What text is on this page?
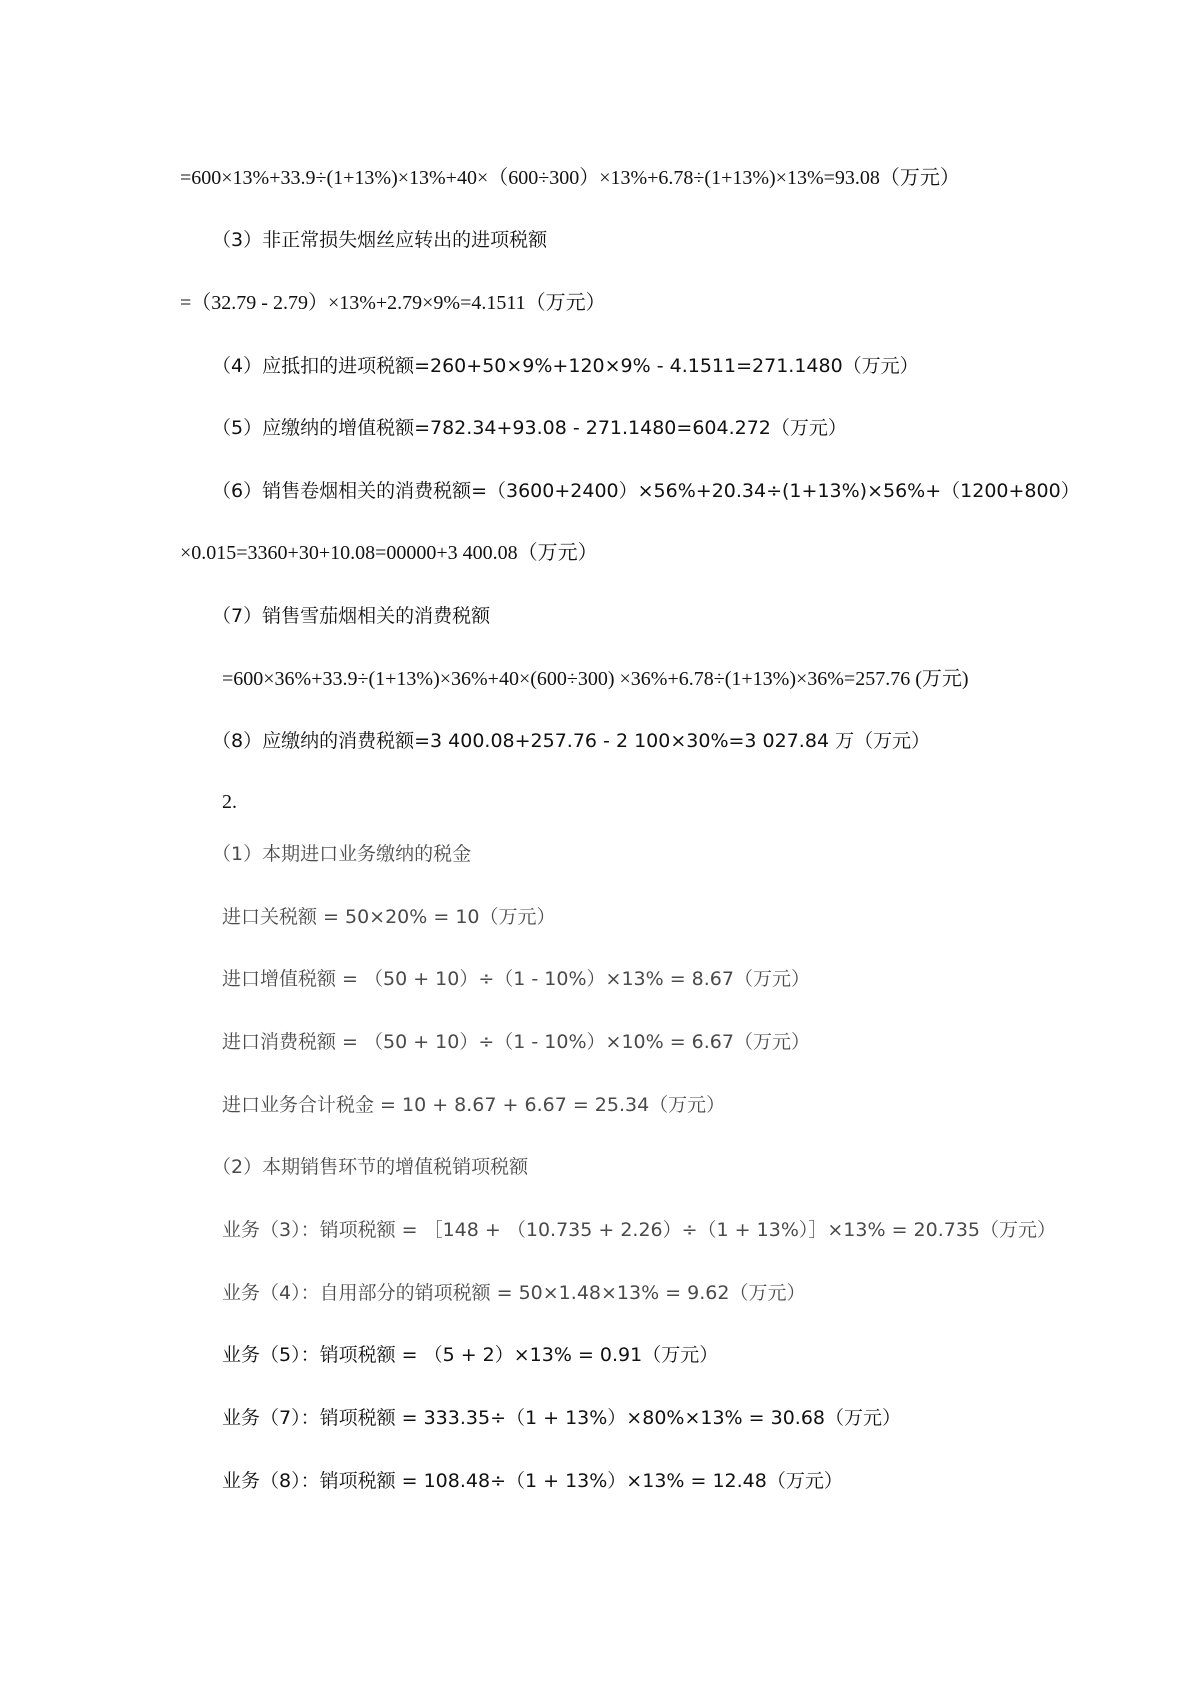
=600×13%+33.9÷(1+13%)×13%+40×（600÷300）×13%+6.78÷(1+13%)×13%=93.08（万元）
（3）非正常损失烟丝应转出的进项税额
=（32.79 - 2.79）×13%+2.79×9%=4.1511（万元）
（4）应抵扣的进项税额=260+50×9%+120×9% - 4.1511=271.1480（万元）
（5）应缴纳的增值税额=782.34+93.08 - 271.1480=604.272（万元）
（6）销售卷烟相关的消费税额=（3600+2400）×56%+20.34÷(1+13%)×56%+（1200+800）
×0.015=3360+30+10.08=00000+3 400.08（万元）
（7）销售雪茄烟相关的消费税额
=600×36%+33.9÷(1+13%)×36%+40×(600÷300) ×36%+6.78÷(1+13%)×36%=257.76 (万元)
（8）应缴纳的消费税额=3 400.08+257.76 - 2 100×30%=3 027.84 万（万元）
2.
（1）本期进口业务缴纳的税金
进口关税额 = 50×20% = 10（万元）
进口增值税额 = （50 + 10）÷（1 - 10%）×13% = 8.67（万元）
进口消费税额 = （50 + 10）÷（1 - 10%）×10% = 6.67（万元）
进口业务合计税金 = 10 + 8.67 + 6.67 = 25.34（万元）
（2）本期销售环节的增值税销项税额
业务（3）：销项税额 = ［148 + （10.735 + 2.26）÷（1 + 13%）］×13% = 20.735（万元）
业务（4）：自用部分的销项税额 = 50×1.48×13% = 9.62（万元）
业务（5）：销项税额 = （5 + 2）×13% = 0.91（万元）
业务（7）：销项税额 = 333.35÷（1 + 13%）×80%×13% = 30.68（万元）
业务（8）：销项税额 = 108.48÷（1 + 13%）×13% = 12.48（万元）
